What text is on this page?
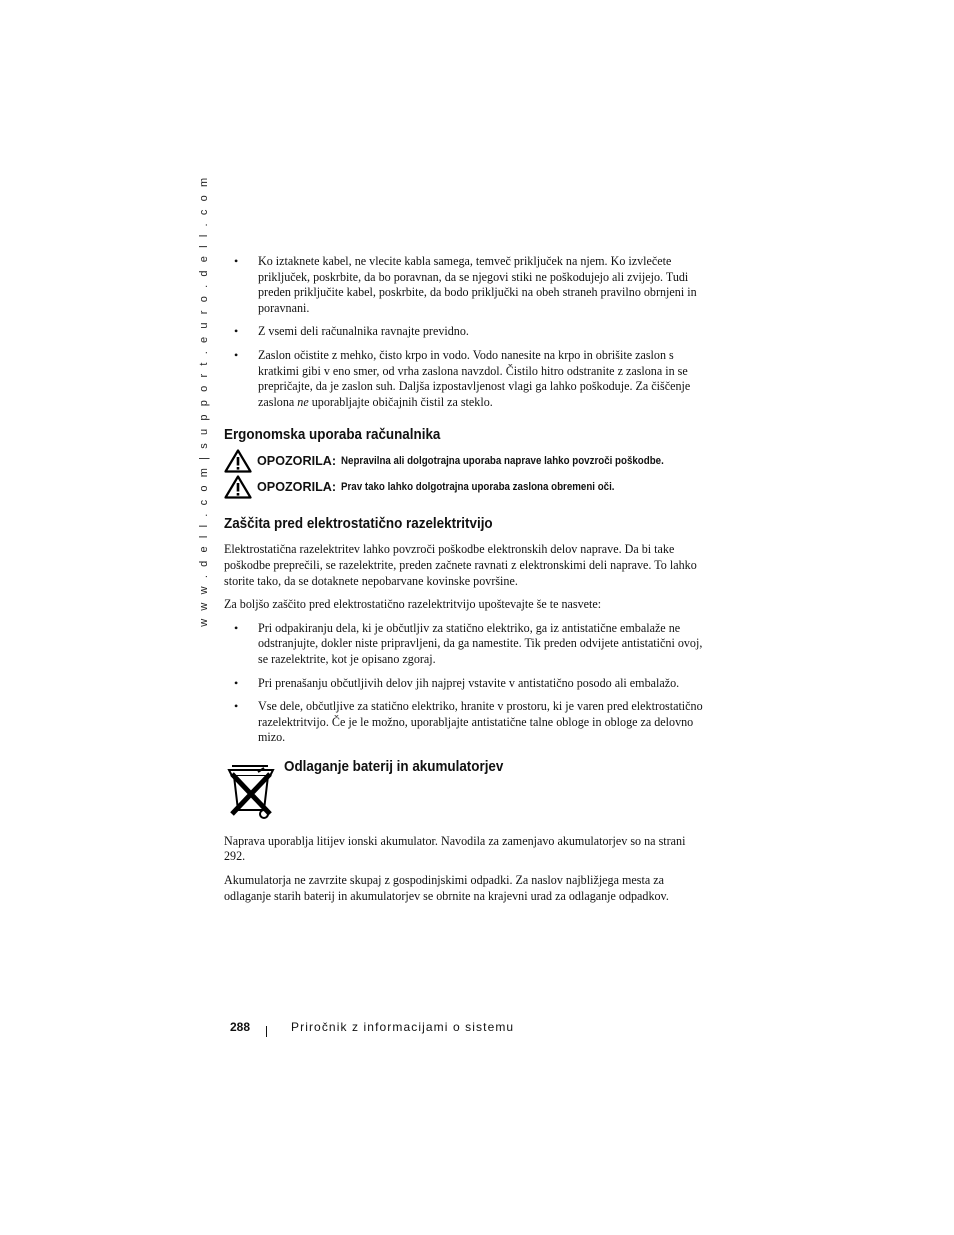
w w w . d e l l . c o m | s u p p o r t . e u r o . d e l l . c o m • Ko iztaknete kabel, ne vlecite kabla samega, temveč priključek na njem. Ko izvlečete priključek, poskrbite, da bo poravnan, da se njegovi stiki ne poškodujejo ali zvijejo. Tudi preden priključite kabel, poskrbite, da bodo priključki na obeh straneh pravilno obrnjeni in poravnani.
• Z vsemi deli računalnika ravnajte previdno.
• Zaslon očistite z mehko, čisto krpo in vodo. Vodo nanesite na krpo in obrišite zaslon s kratkimi gibi v eno smer, od vrha zaslona navzdol. Čistilo hitro odstranite z zaslona in se prepričajte, da je zaslon suh. Daljša izpostavljenost vlagi ga lahko poškoduje. Za čiščenje zaslona ne uporabljajte običajnih čistil za steklo.
Ergonomska uporaba računalnika
OPOZORILA: Nepravilna ali dolgotrajna uporaba naprave lahko povzroči poškodbe.
OPOZORILA: Prav tako lahko dolgotrajna uporaba zaslona obremeni oči.
Zaščita pred elektrostatično razelektritvijo

Elektrostatična razelektritev lahko povzroči poškodbe elektronskih delov naprave. Da bi take poškodbe preprečili, se razelektrite, preden začnete ravnati z elektronskimi deli naprave. To lahko storite tako, da se dotaknete nepobarvane kovinske površine.

Za boljšo zaščito pred elektrostatično razelektritvijo upoštevajte še te nasvete:

• Pri odpakiranju dela, ki je občutljiv za statično elektriko, ga iz antistatične embalaže ne odstranjujte, dokler niste pripravljeni, da ga namestite. Tik preden odvijete antistatični ovoj, se razelektrite, kot je opisano zgoraj.
• Pri prenašanju občutljivih delov jih najprej vstavite v antistatično posodo ali embalažo.
• Vse dele, občutljive za statično elektriko, hranite v prostoru, ki je varen pred elektrostatično razelektritvijo. Če je le možno, uporabljajte antistatične talne obloge in obloge za delovno mizo.
Odlaganje baterij in akumulatorjev

Naprava uporablja litijev ionski akumulator. Navodila za zamenjavo akumulatorjev so na strani 292.

Akumulatorja ne zavrzite skupaj z gospodinjskimi odpadki. Za naslov najbližjega mesta za odlaganje starih baterij in akumulatorjev se obrnite na krajevni urad za odlaganje odpadkov.

288	Priročnik z informacijami o sistemu
